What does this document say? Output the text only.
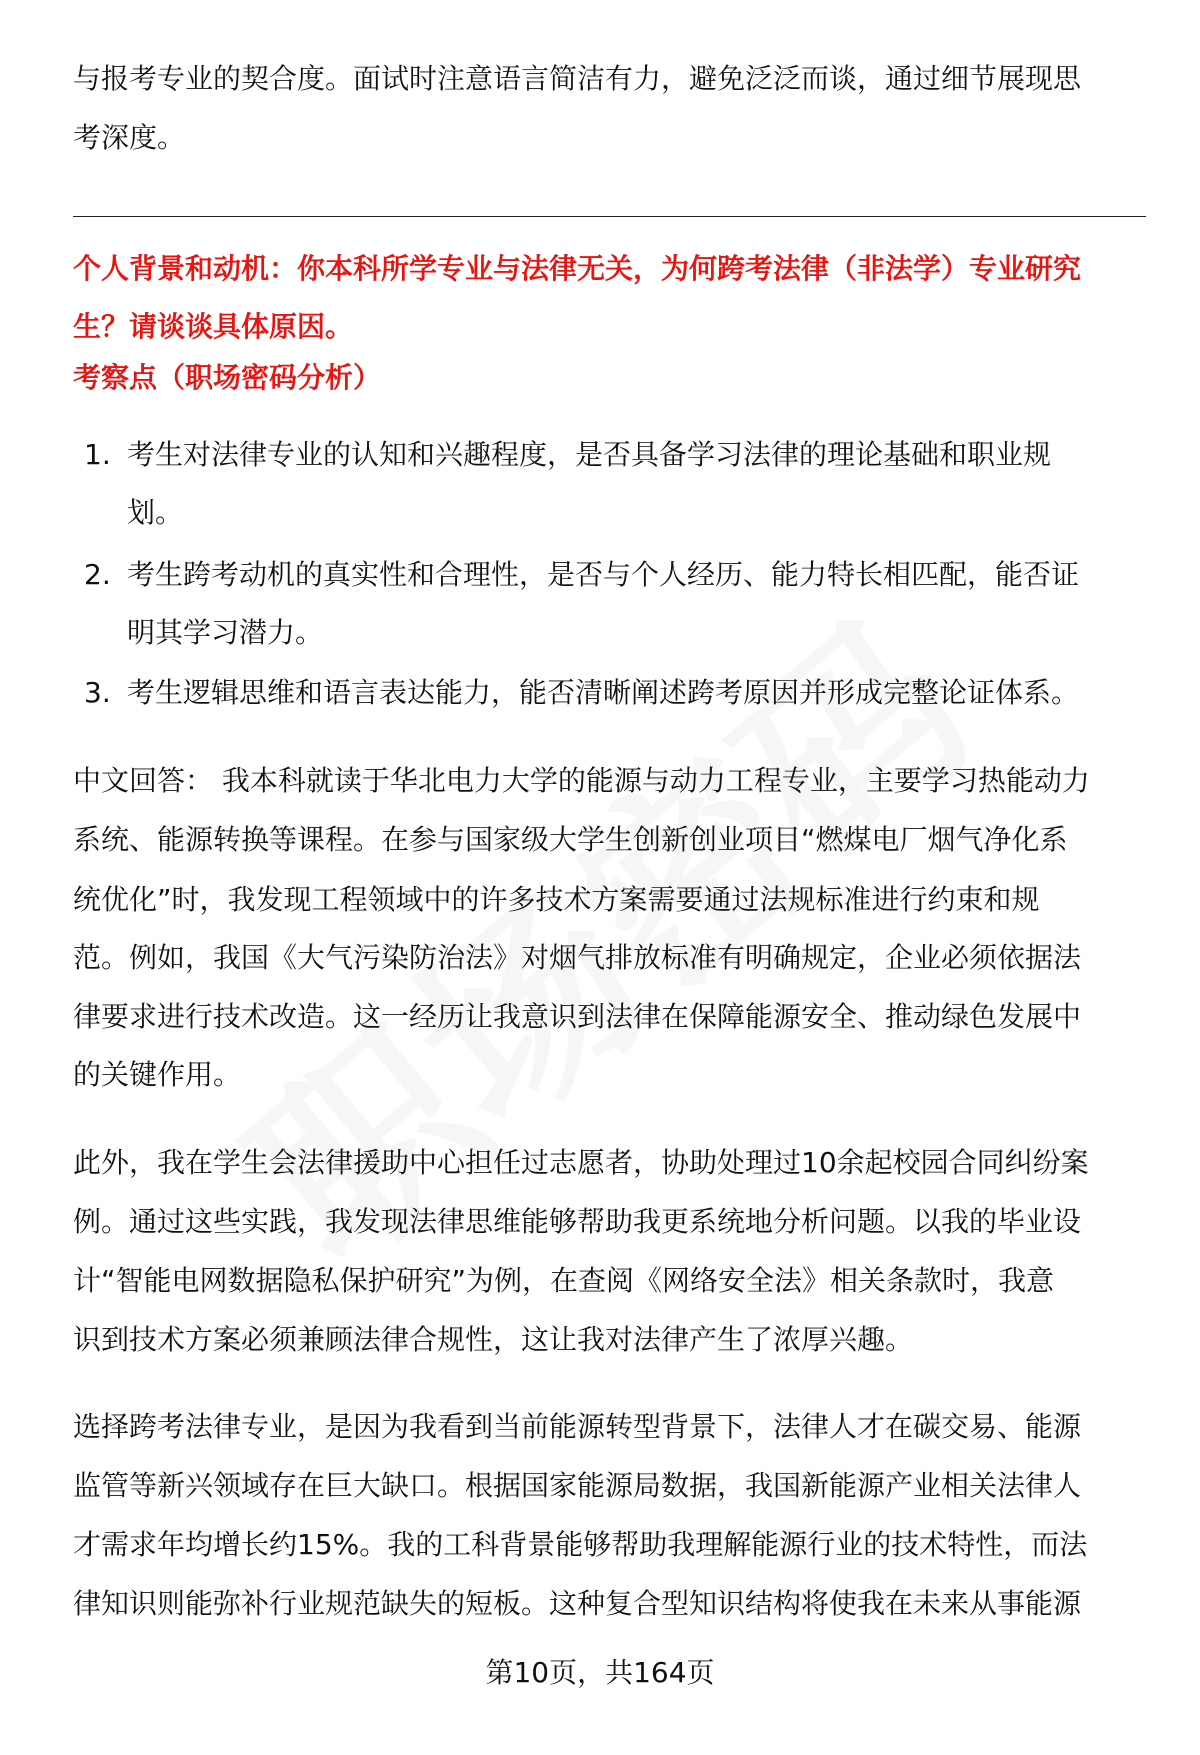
与报考专业的契合度。面试时注意语言简洁有力，避免泛泛而谈，通过细节展现思
考深度。
个人背景和动机：你本科所学专业与法律无关，为何跨考法律（非法学）专业研究
生？请谈谈具体原因。
考察点（职场密码分析）
1. 考生对法律专业的认知和兴趣程度，是否具备学习法律的理论基础和职业规
划。
2. 考生跨考动机的真实性和合理性，是否与个人经历、能力特长相匹配，能否证
明其学习潜力。
3. 考生逻辑思维和语言表达能力，能否清晰阐述跨考原因并形成完整论证体系。
中文回答： 我本科就读于华北电力大学的能源与动力工程专业，主要学习热能动力
系统、能源转换等课程。在参与国家级大学生创新创业项目“燃煤电厂烟气净化系
统优化”时，我发现工程领域中的许多技术方案需要通过法规标准进行约束和规
范。例如，我国《大气污染防治法》对烟气排放标准有明确规定，企业必须依据法
律要求进行技术改造。这一经历让我意识到法律在保障能源安全、推动绿色发展中
的关键作用。
此外，我在学生会法律援助中心担任过志愿者，协助处理过10余起校园合同纠纷案
例。通过这些实践，我发现法律思维能够帮助我更系统地分析问题。以我的毕业设
计“智能电网数据隐私保护研究”为例，在查阅《网络安全法》相关条款时，我意
识到技术方案必须兼顾法律合规性，这让我对法律产生了浓厚兴趣。
选择跨考法律专业，是因为我看到当前能源转型背景下，法律人才在碳交易、能源
监管等新兴领域存在巨大缺口。根据国家能源局数据，我国新能源产业相关法律人
才需求年均增长约15%。我的工科背景能够帮助我理解能源行业的技术特性，而法
律知识则能弥补行业规范缺失的短板。这种复合型知识结构将使我在未来从事能源
第10页，共164页
